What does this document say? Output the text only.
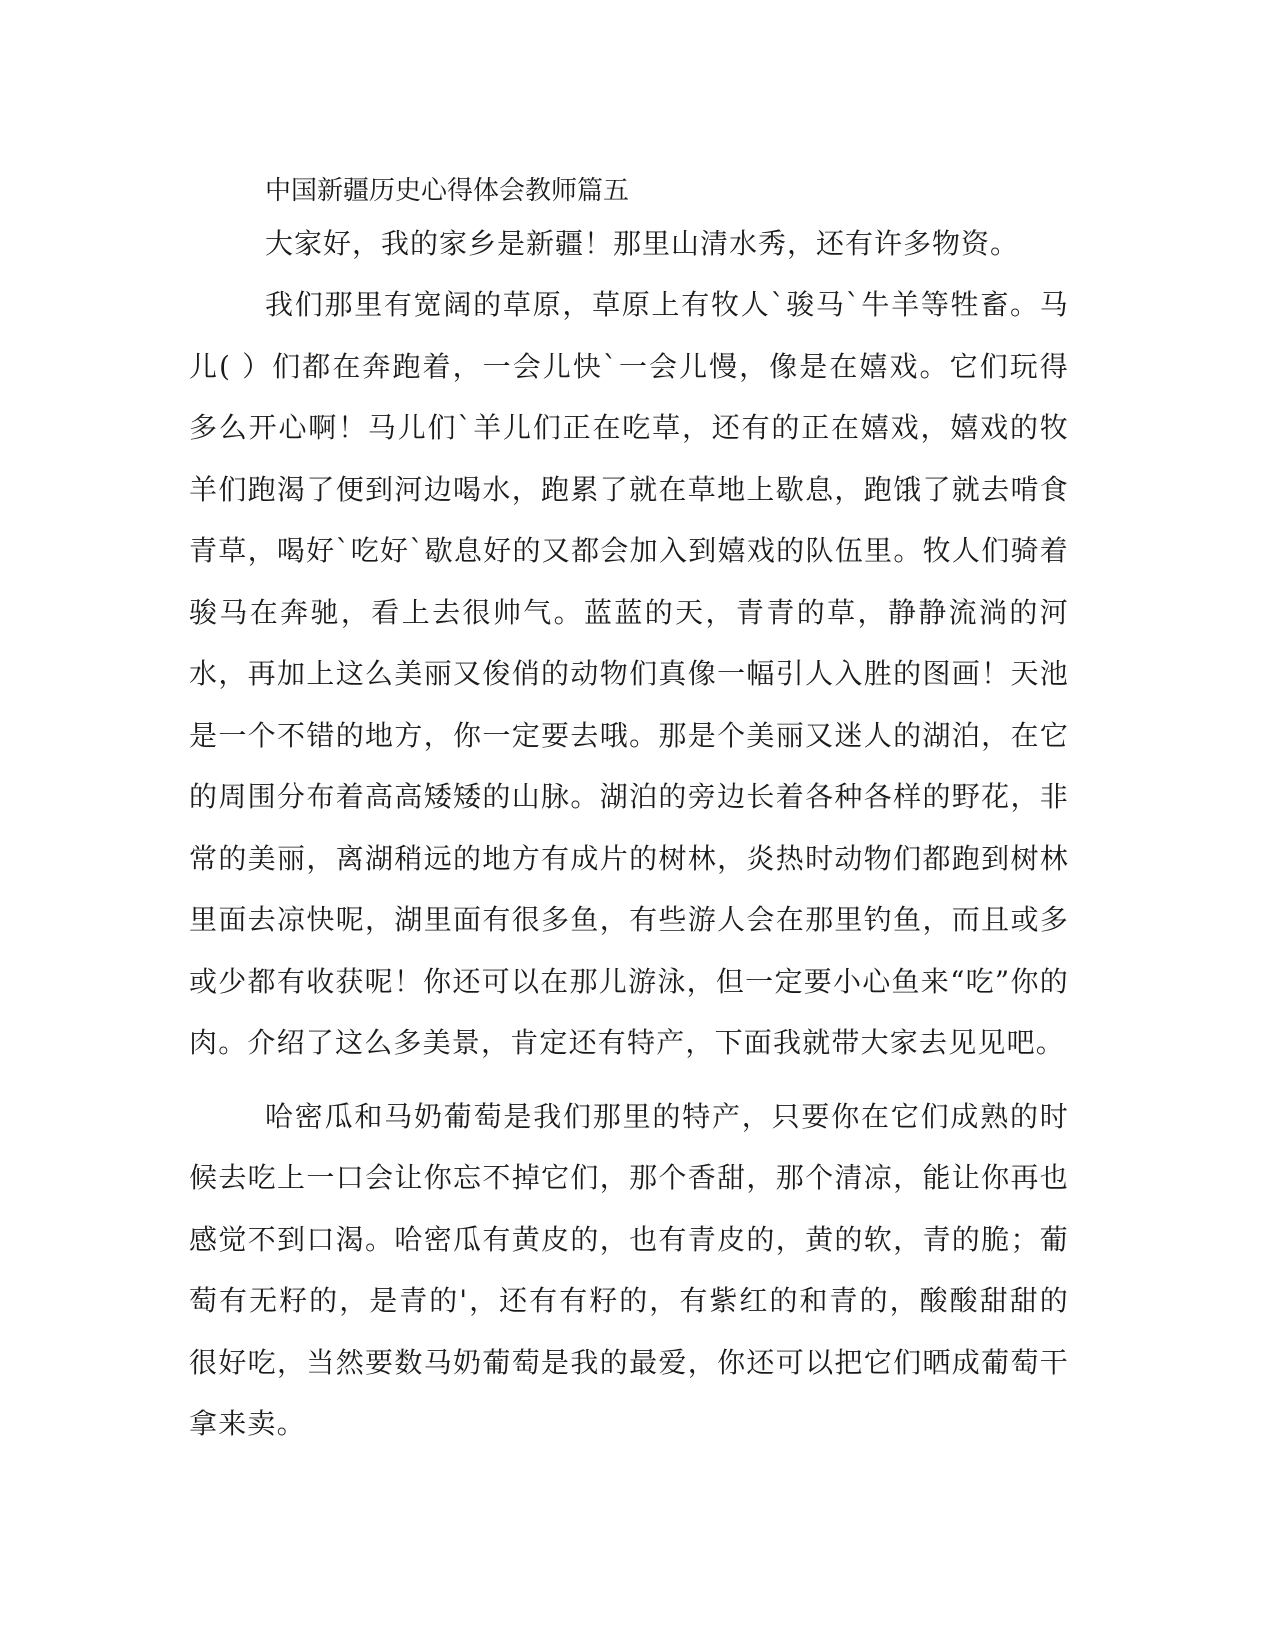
中国新疆历史心得体会教师篇五

大家好，我的家乡是新疆！那里山清水秀，还有许多物资。

我们那里有宽阔的草原，草原上有牧人`骏马`牛羊等牲畜。马儿( ）们都在奔跑着，一会儿快`一会儿慢，像是在嬉戏。它们玩得多么开心啊！马儿们`羊儿们正在吃草，还有的正在嬉戏，嬉戏的牧羊们跑渴了便到河边喝水，跑累了就在草地上歇息，跑饿了就去啃食青草，喝好`吃好`歇息好的又都会加入到嬉戏的队伍里。牧人们骑着骏马在奔驰，看上去很帅气。蓝蓝的天，青青的草，静静流淌的河水，再加上这么美丽又俊俏的动物们真像一幅引人入胜的图画！天池是一个不错的地方，你一定要去哦。那是个美丽又迷人的湖泊，在它的周围分布着高高矮矮的山脉。湖泊的旁边长着各种各样的野花，非常的美丽，离湖稍远的地方有成片的树林，炎热时动物们都跑到树林里面去凉快呢，湖里面有很多鱼，有些游人会在那里钓鱼，而且或多或少都有收获呢！你还可以在那儿游泳，但一定要小心鱼来“吃”你的肉。介绍了这么多美景，肯定还有特产，下面我就带大家去见见吧。

哈密瓜和马奶葡萄是我们那里的特产，只要你在它们成熟的时候去吃上一口会让你忘不掉它们，那个香甜，那个清凉，能让你再也感觉不到口渴。哈密瓜有黄皮的，也有青皮的，黄的软，青的脆；葡萄有无籽的，是青的'，还有有籽的，有紫红的和青的，酸酸甜甜的很好吃，当然要数马奶葡萄是我的最爱，你还可以把它们晒成葡萄干拿来卖。
